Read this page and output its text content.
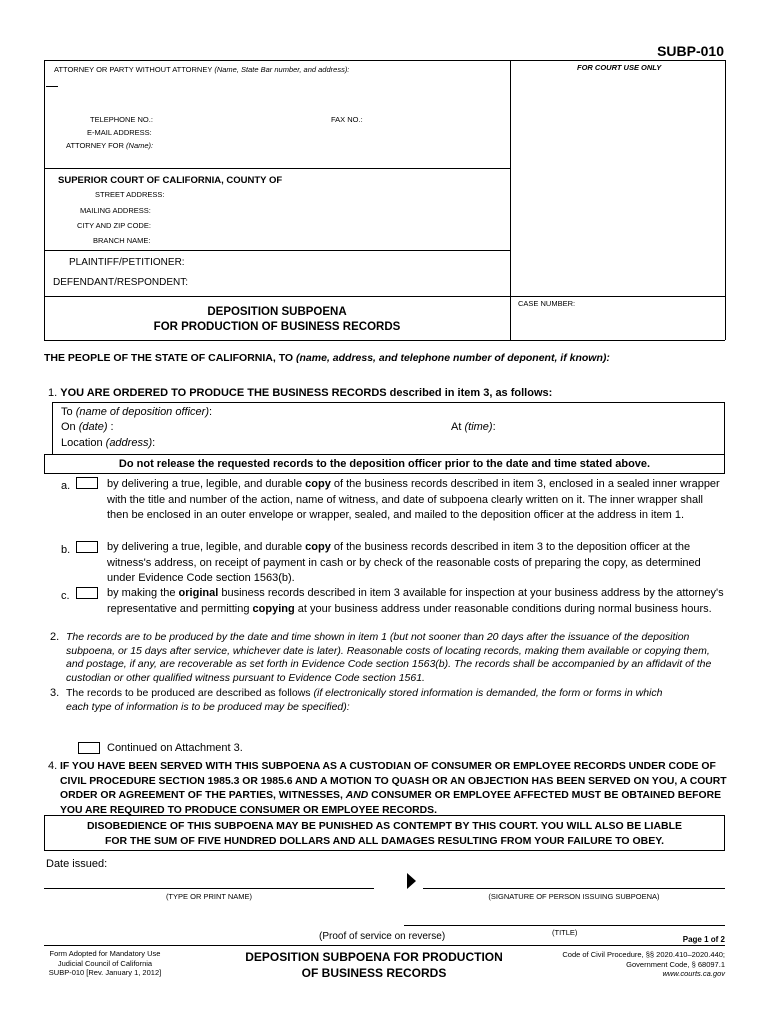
SUBP-010
ATTORNEY OR PARTY WITHOUT ATTORNEY (Name, State Bar number, and address):
TELEPHONE NO.:	FAX NO.:
E-MAIL ADDRESS:
ATTORNEY FOR (Name):
FOR COURT USE ONLY
SUPERIOR COURT OF CALIFORNIA, COUNTY OF
STREET ADDRESS:
MAILING ADDRESS:
CITY AND ZIP CODE:
BRANCH NAME:
PLAINTIFF/PETITIONER:
DEFENDANT/RESPONDENT:
DEPOSITION SUBPOENA
FOR PRODUCTION OF BUSINESS RECORDS
CASE NUMBER:
THE PEOPLE OF THE STATE OF CALIFORNIA, TO (name, address, and telephone number of deponent, if known):
1. YOU ARE ORDERED TO PRODUCE THE BUSINESS RECORDS described in item 3, as follows:
To (name of deposition officer):
On (date) :	At (time):
Location (address):
Do not release the requested records to the deposition officer prior to the date and time stated above.
a.	by delivering a true, legible, and durable copy of the business records described in item 3, enclosed in a sealed inner wrapper with the title and number of the action, name of witness, and date of subpoena clearly written on it. The inner wrapper shall then be enclosed in an outer envelope or wrapper, sealed, and mailed to the deposition officer at the address in item 1.
b.	by delivering a true, legible, and durable copy of the business records described in item 3 to the deposition officer at the witness's address, on receipt of payment in cash or by check of the reasonable costs of preparing the copy, as determined under Evidence Code section 1563(b).
c.	by making the original business records described in item 3 available for inspection at your business address by the attorney's representative and permitting copying at your business address under reasonable conditions during normal business hours.
2. The records are to be produced by the date and time shown in item 1 (but not sooner than 20 days after the issuance of the deposition subpoena, or 15 days after service, whichever date is later). Reasonable costs of locating records, making them available or copying them, and postage, if any, are recoverable as set forth in Evidence Code section 1563(b). The records shall be accompanied by an affidavit of the custodian or other qualified witness pursuant to Evidence Code section 1561.
3. The records to be produced are described as follows (if electronically stored information is demanded, the form or forms in which each type of information is to be produced may be specified):
Continued on Attachment 3.
4. IF YOU HAVE BEEN SERVED WITH THIS SUBPOENA AS A CUSTODIAN OF CONSUMER OR EMPLOYEE RECORDS UNDER CODE OF CIVIL PROCEDURE SECTION 1985.3 OR 1985.6 AND A MOTION TO QUASH OR AN OBJECTION HAS BEEN SERVED ON YOU, A COURT ORDER OR AGREEMENT OF THE PARTIES, WITNESSES, AND CONSUMER OR EMPLOYEE AFFECTED MUST BE OBTAINED BEFORE YOU ARE REQUIRED TO PRODUCE CONSUMER OR EMPLOYEE RECORDS.
DISOBEDIENCE OF THIS SUBPOENA MAY BE PUNISHED AS CONTEMPT BY THIS COURT. YOU WILL ALSO BE LIABLE
FOR THE SUM OF FIVE HUNDRED DOLLARS AND ALL DAMAGES RESULTING FROM YOUR FAILURE TO OBEY.
Date issued:
(TYPE OR PRINT NAME)	(SIGNATURE OF PERSON ISSUING SUBPOENA)
(TITLE)
(Proof of service on reverse)	Page 1 of 2
Form Adopted for Mandatory Use
Judicial Council of California
SUBP-010 [Rev. January 1, 2012]
DEPOSITION SUBPOENA FOR PRODUCTION
OF BUSINESS RECORDS
Code of Civil Procedure, §§ 2020.410–2020.440;
Government Code, § 68097.1
www.courts.ca.gov
